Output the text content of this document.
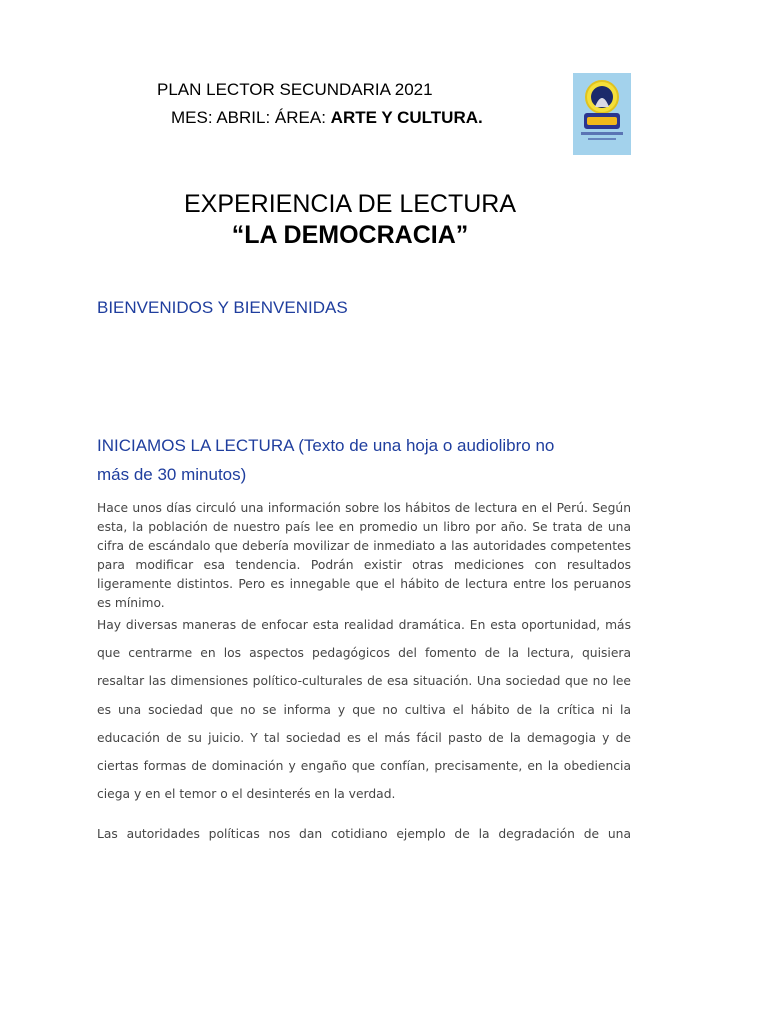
PLAN LECTOR SECUNDARIA 2021
MES: ABRIL: ÁREA: ARTE Y CULTURA.
EXPERIENCIA DE LECTURA
“LA DEMOCRACIA”
BIENVENIDOS Y BIENVENIDAS
INICIAMOS LA LECTURA (Texto de una hoja o audiolibro no
más de 30 minutos)
Hace unos días circuló una información sobre los hábitos de lectura en el Perú. Según esta, la población de nuestro país lee en promedio un libro por año. Se trata de una cifra de escándalo que debería movilizar de inmediato a las autoridades competentes para modificar esa tendencia. Podrán existir otras mediciones con resultados ligeramente distintos. Pero es innegable que el hábito de lectura entre los peruanos es mínimo.
Hay diversas maneras de enfocar esta realidad dramática. En esta oportunidad, más que centrarme en los aspectos pedagógicos del fomento de la lectura, quisiera resaltar las dimensiones político-culturales de esa situación. Una sociedad que no lee es una sociedad que no se informa y que no cultiva el hábito de la crítica ni la educación de su juicio. Y tal sociedad es el más fácil pasto de la demagogia y de ciertas formas de dominación y engaño que confían, precisamente, en la obediencia ciega y en el temor o el desinterés en la verdad.
Las autoridades políticas nos dan cotidiano ejemplo de la degradación de una
